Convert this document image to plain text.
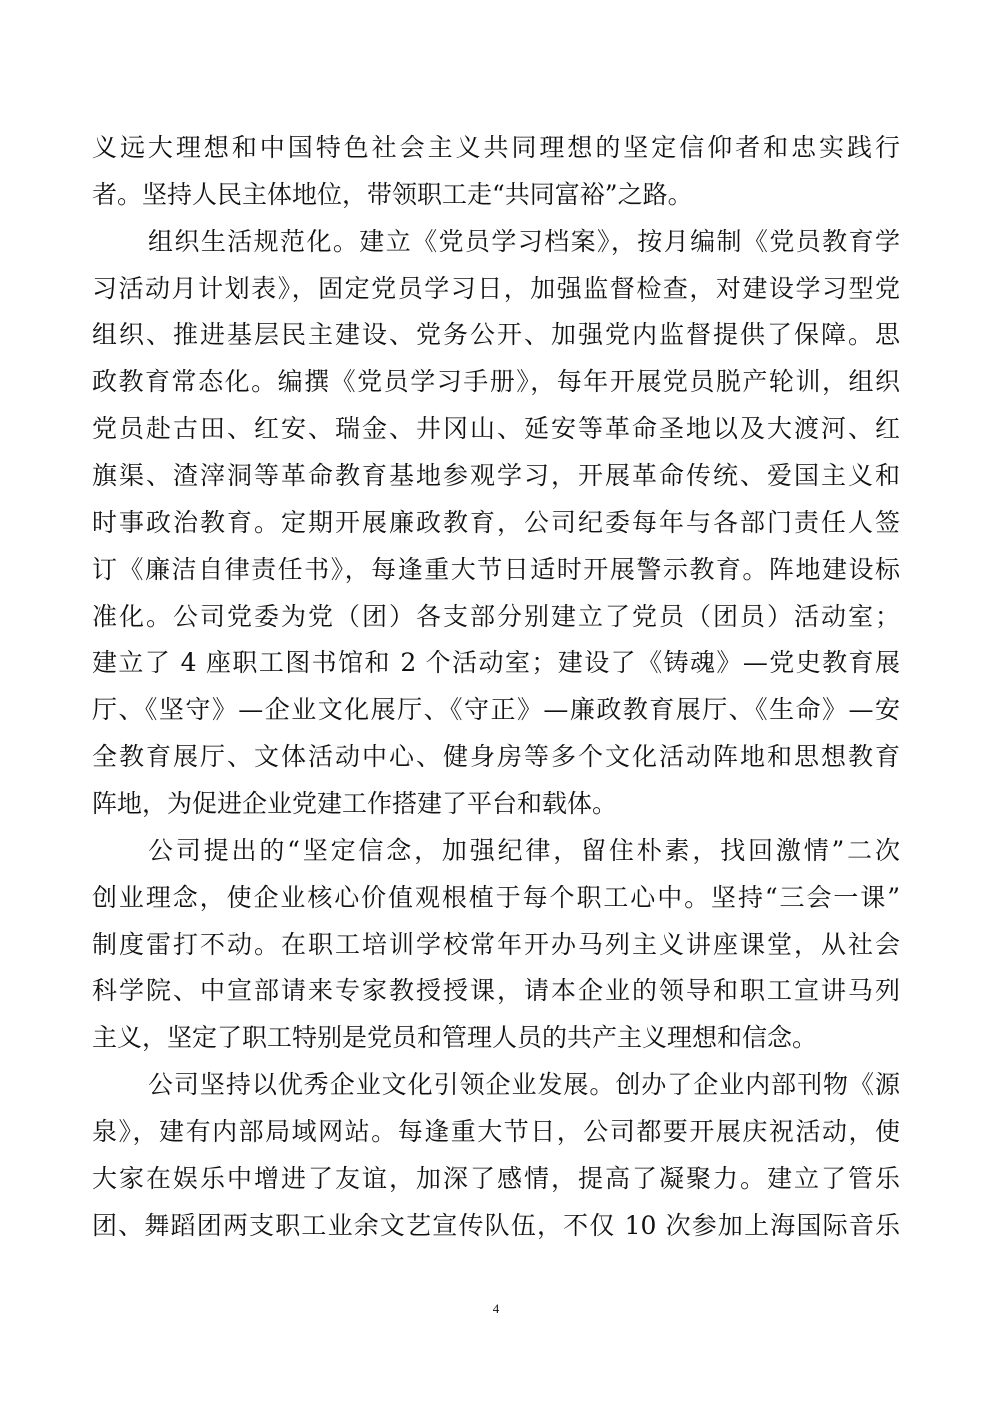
义远大理想和中国特色社会主义共同理想的坚定信仰者和忠实践行
者。坚持人民主体地位，带领职工走“共同富裕”之路。
组织生活规范化。建立《党员学习档案》，按月编制《党员教育学
习活动月计划表》，固定党员学习日，加强监督检查，对建设学习型党
组织、推进基层民主建设、党务公开、加强党内监督提供了保障。思
政教育常态化。编撰《党员学习手册》，每年开展党员脱产轮训，组织
党员赴古田、红安、瑞金、井冈山、延安等革命圣地以及大渡河、红
旗渠、渣滓洞等革命教育基地参观学习，开展革命传统、爱国主义和
时事政治教育。定期开展廉政教育，公司纪委每年与各部门责任人签
订《廉洁自律责任书》，每逢重大节日适时开展警示教育。阵地建设标
准化。公司党委为党（团）各支部分别建立了党员（团员）活动室；
建立了 4 座职工图书馆和 2 个活动室；建设了《铸魂》—党史教育展
厅、《坚守》—企业文化展厅、《守正》—廉政教育展厅、《生命》—安
全教育展厅、文体活动中心、健身房等多个文化活动阵地和思想教育
阵地，为促进企业党建工作搭建了平台和载体。
公司提出的“坚定信念，加强纪律，留住朴素，找回激情”二次
创业理念，使企业核心价值观根植于每个职工心中。坚持“三会一课”
制度雷打不动。在职工培训学校常年开办马列主义讲座课堂，从社会
科学院、中宣部请来专家教授授课，请本企业的领导和职工宣讲马列
主义，坚定了职工特别是党员和管理人员的共产主义理想和信念。
公司坚持以优秀企业文化引领企业发展。创办了企业内部刊物《源
泉》，建有内部局域网站。每逢重大节日，公司都要开展庆祝活动，使
大家在娱乐中增进了友谊，加深了感情，提高了凝聚力。建立了管乐
团、舞蹈团两支职工业余文艺宣传队伍，不仅 10 次参加上海国际音乐
4
